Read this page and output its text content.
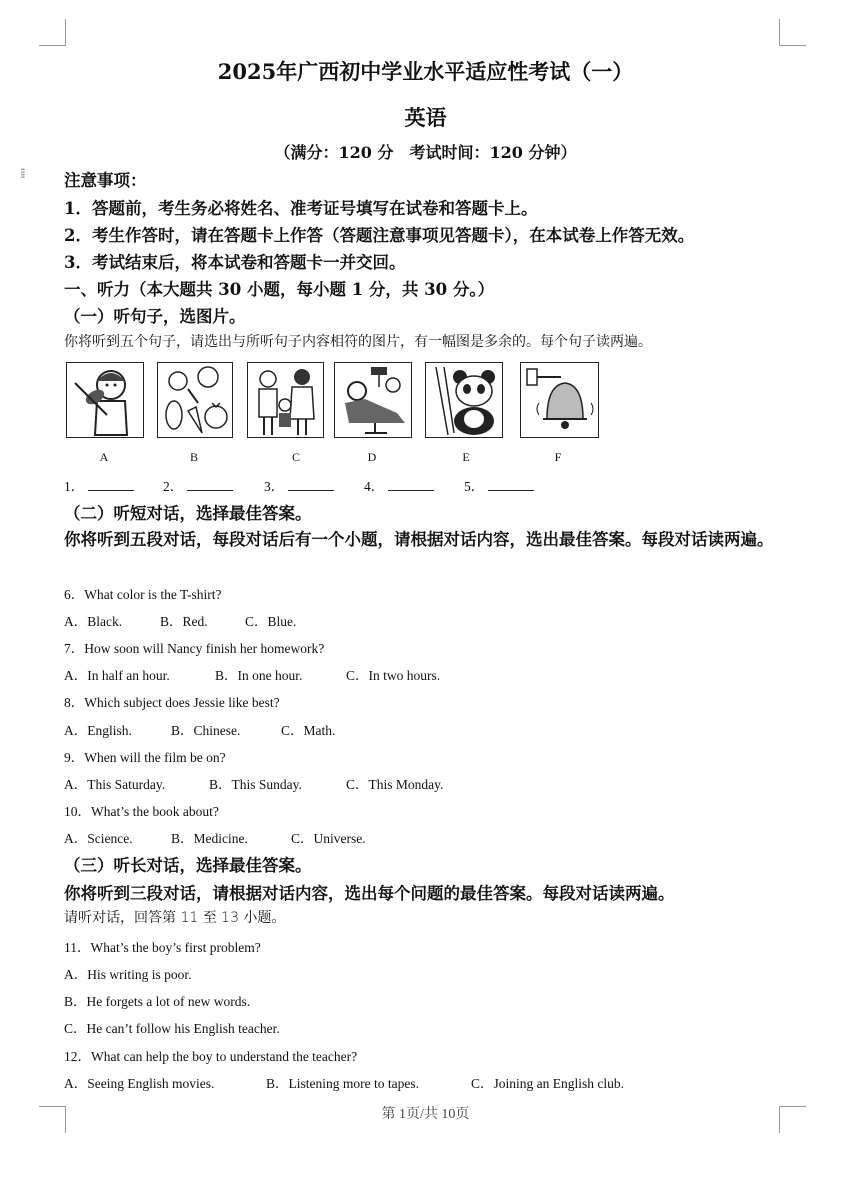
2025年广西初中学业水平适应性考试（一）
英语
（满分：120 分　考试时间：120 分钟）
⁞⁞ 注意事项：
1．答题前，考生务必将姓名、准考证号填写在试卷和答题卡上。
2．考生作答时，请在答题卡上作答（答题注意事项见答题卡），在本试卷上作答无效。
3．考试结束后，将本试卷和答题卡一并交回。
一、听力（本大题共 30 小题，每小题 1 分，共 30 分。）
（一）听句子，选图片。
你将听到五个句子，请选出与所听句子内容相符的图片，有一幅图是多余的。每个句子读两遍。
A	B	C	D	E	F
1．	2．	3．	4．	5．
（二）听短对话，选择最佳答案。
你将听到五段对话，每段对话后有一个小题，请根据对话内容，选出最佳答案。每段对话读两遍。
6．What color is the T-shirt?
A．Black.	B．Red.	C．Blue.
7．How soon will Nancy finish her homework?
A．In half an hour.	B．In one hour.	C．In two hours.
8．Which subject does Jessie like best?
A．English.	B．Chinese.	C．Math.
9．When will the film be on?
A．This Saturday.	B．This Sunday.	C．This Monday.
10．What’s the book about?
A．Science.	B．Medicine.	C．Universe.
（三）听长对话，选择最佳答案。
你将听到三段对话，请根据对话内容，选出每个问题的最佳答案。每段对话读两遍。
请听对话，回答第 11 至 13 小题。
11．What’s the boy’s first problem?
A．His writing is poor.
B．He forgets a lot of new words.
C．He can’t follow his English teacher.
12．What can help the boy to understand the teacher?
A．Seeing English movies.	B．Listening more to tapes.	C．Joining an English club.
第 1页/共 10页
